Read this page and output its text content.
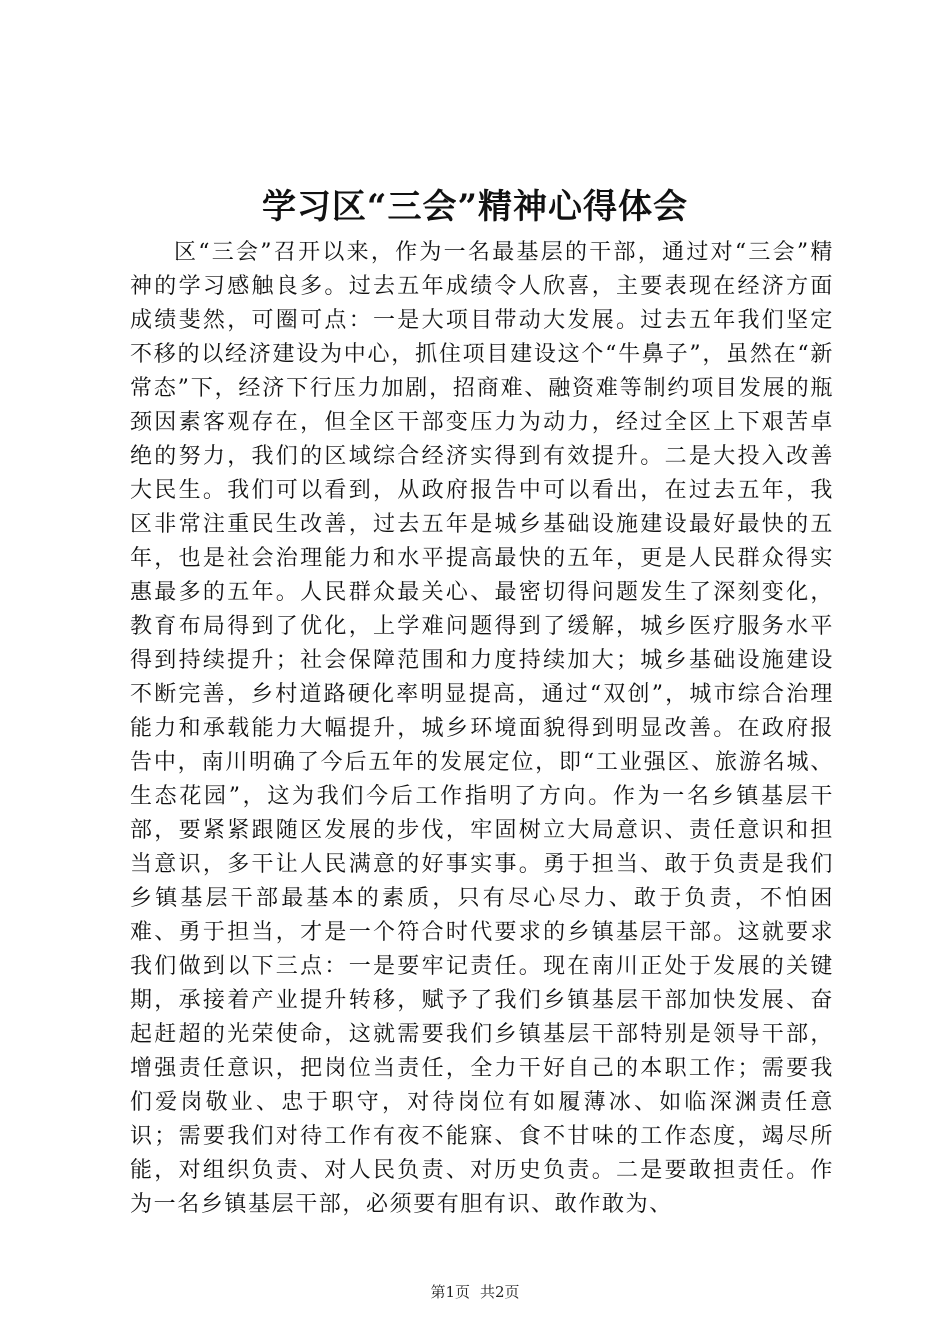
学习区“三会”精神心得体会

区“三会”召开以来，作为一名最基层的干部，通过对“三会”精神的学习感触良多。过去五年成绩令人欣喜，主要表现在经济方面成绩斐然，可圈可点：一是大项目带动大发展。过去五年我们坚定不移的以经济建设为中心，抓住项目建设这个“牛鼻子”，虽然在“新常态”下，经济下行压力加剧，招商难、融资难等制约项目发展的瓶颈因素客观存在，但全区干部变压力为动力，经过全区上下艰苦卓绝的努力，我们的区域综合经济实得到有效提升。二是大投入改善大民生。我们可以看到，从政府报告中可以看出，在过去五年，我区非常注重民生改善，过去五年是城乡基础设施建设最好最快的五年，也是社会治理能力和水平提高最快的五年，更是人民群众得实惠最多的五年。人民群众最关心、最密切得问题发生了深刻变化，教育布局得到了优化，上学难问题得到了缓解，城乡医疗服务水平得到持续提升；社会保障范围和力度持续加大；城乡基础设施建设不断完善，乡村道路硬化率明显提高，通过“双创”，城市综合治理能力和承载能力大幅提升，城乡环境面貌得到明显改善。在政府报告中，南川明确了今后五年的发展定位，即“工业强区、旅游名城、生态花园”，这为我们今后工作指明了方向。作为一名乡镇基层干部，要紧紧跟随区发展的步伐，牢固树立大局意识、责任意识和担当意识，多干让人民满意的好事实事。勇于担当、敢于负责是我们乡镇基层干部最基本的素质，只有尽心尽力、敢于负责，不怕困难、勇于担当，才是一个符合时代要求的乡镇基层干部。这就要求我们做到以下三点：一是要牢记责任。现在南川正处于发展的关键期，承接着产业提升转移，赋予了我们乡镇基层干部加快发展、奋起赶超的光荣使命，这就需要我们乡镇基层干部特别是领导干部，增强责任意识，把岗位当责任，全力干好自己的本职工作；需要我们爱岗敬业、忠于职守，对待岗位有如履薄冰、如临深渊责任意识；需要我们对待工作有夜不能寐、食不甘味的工作态度，竭尽所能，对组织负责、对人民负责、对历史负责。二是要敢担责任。作为一名乡镇基层干部，必须要有胆有识、敢作敢为、

第1页 共2页
